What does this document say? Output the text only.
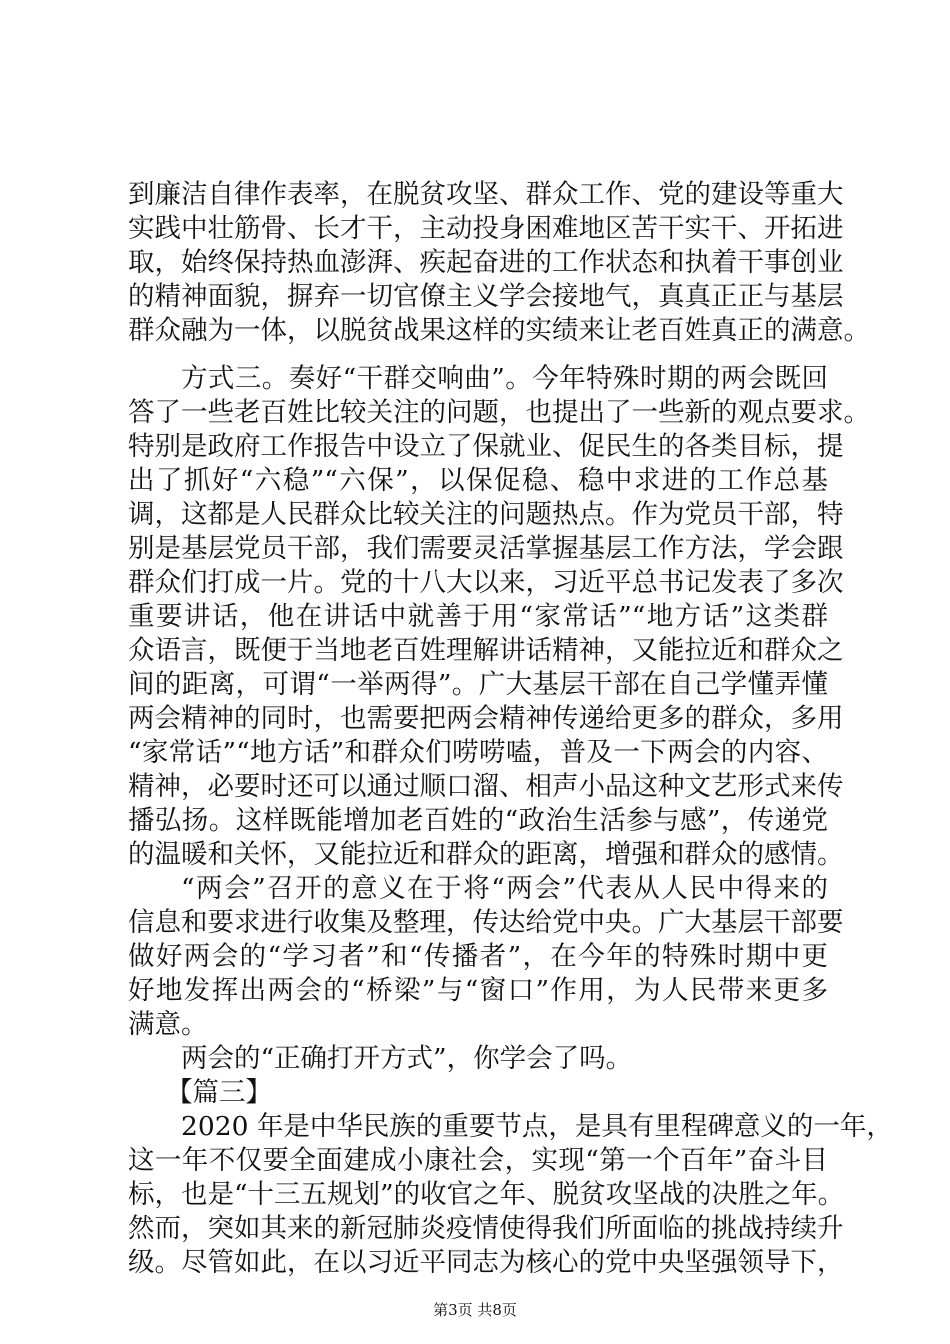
到廉洁自律作表率，在脱贫攻坚、群众工作、党的建设等重大
实践中壮筋骨、长才干，主动投身困难地区苦干实干、开拓进
取，始终保持热血澎湃、疾起奋进的工作状态和执着干事创业
的精神面貌，摒弃一切官僚主义学会接地气，真真正正与基层
群众融为一体，以脱贫战果这样的实绩来让老百姓真正的满意。
方式三。奏好“干群交响曲”。今年特殊时期的两会既回
答了一些老百姓比较关注的问题，也提出了一些新的观点要求。
特别是政府工作报告中设立了保就业、促民生的各类目标，提
出了抓好“六稳”“六保”，以保促稳、稳中求进的工作总基
调，这都是人民群众比较关注的问题热点。作为党员干部，特
别是基层党员干部，我们需要灵活掌握基层工作方法，学会跟
群众们打成一片。党的十八大以来，习近平总书记发表了多次
重要讲话，他在讲话中就善于用“家常话”“地方话”这类群
众语言，既便于当地老百姓理解讲话精神，又能拉近和群众之
间的距离，可谓“一举两得”。广大基层干部在自己学懂弄懂
两会精神的同时，也需要把两会精神传递给更多的群众，多用
“家常话”“地方话”和群众们唠唠嗑，普及一下两会的内容、
精神，必要时还可以通过顺口溜、相声小品这种文艺形式来传
播弘扬。这样既能增加老百姓的“政治生活参与感”，传递党
的温暖和关怀，又能拉近和群众的距离，增强和群众的感情。
“两会”召开的意义在于将“两会”代表从人民中得来的
信息和要求进行收集及整理，传达给党中央。广大基层干部要
做好两会的“学习者”和“传播者”，在今年的特殊时期中更
好地发挥出两会的“桥梁”与“窗口”作用，为人民带来更多
满意。
两会的“正确打开方式”，你学会了吗。
【篇三】
2020 年是中华民族的重要节点，是具有里程碑意义的一年，
这一年不仅要全面建成小康社会，实现“第一个百年”奋斗目
标，也是“十三五规划”的收官之年、脱贫攻坚战的决胜之年。
然而，突如其来的新冠肺炎疫情使得我们所面临的挑战持续升
级。尽管如此，在以习近平同志为核心的党中央坚强领导下，
第3页 共8页
